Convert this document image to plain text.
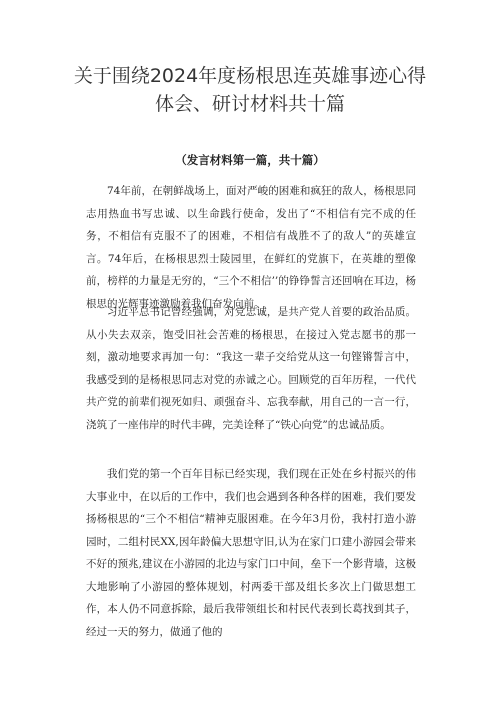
关于围绕2024年度杨根思连英雄事迹心得
体会、研讨材料共十篇
（发言材料第一篇，共十篇）

74年前，在朝鲜战场上，面对严峻的困难和疯狂的敌人，杨根思同志用热血书写忠诚、以生命践行使命，发出了“不相信有完不成的任务，不相信有克服不了的困难，不相信有战胜不了的敌人”的英雄宣言。74年后，在杨根思烈士陵园里，在鲜红的党旗下，在英雄的塑像前，榜样的力量是无穷的，“三个不相信’’的铮铮誓言还回响在耳边，杨根思的光辉事迹激励着我们奋发向前。

习近平总书记曾经强调，对党忠诚，是共产党人首要的政治品质。从小失去双亲，饱受旧社会苦难的杨根思，在接过入党志愿书的那一刻，激动地要求再加一句：“我这一辈子交给党从这一句铿锵誓言中，我感受到的是杨根思同志对党的赤诚之心。回顾党的百年历程，一代代共产党的前辈们视死如归、顽强奋斗、忘我奉献，用自己的一言一行，浇筑了一座伟岸的时代丰碑，完美诠释了“铁心向党”的忠诚品质。

我们党的第一个百年目标已经实现，我们现在正处在乡村振兴的伟大事业中，在以后的工作中，我们也会遇到各种各样的困难，我们要发扬杨根思的“三个不相信“精神克服困难。在今年3月份，我村打造小游园时，二组村民XX,因年龄偏大思想守旧,认为在家门口建小游园会带来不好的预兆,建议在小游园的北边与家门口中间，垒下一个影背墙，这极大地影响了小游园的整体规划，村两委干部及组长多次上门做思想工作，本人仍不同意拆除，最后我带领组长和村民代表到长葛找到其子，经过一天的努力，做通了他的
